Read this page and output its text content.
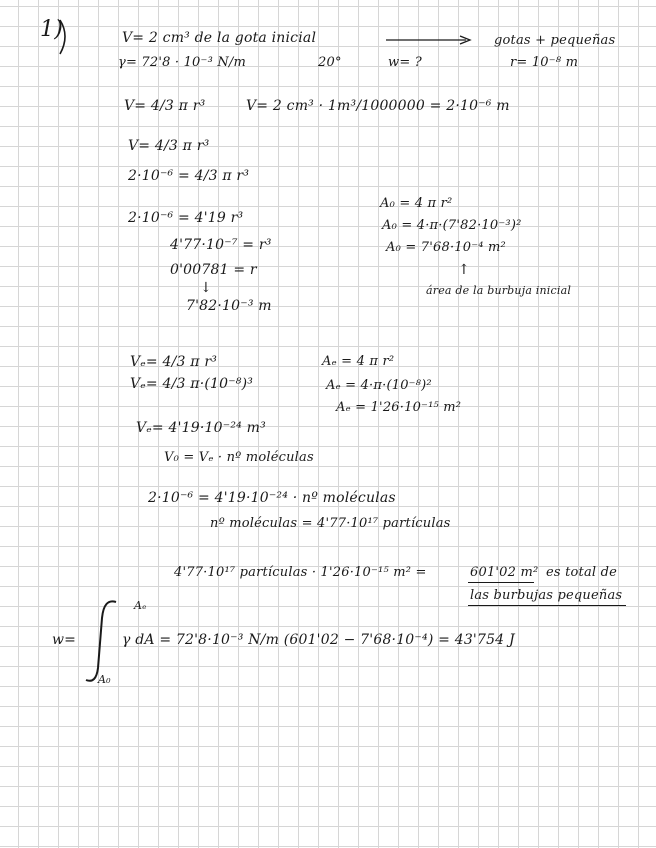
1)	V= 2 cm³ de la gota inicial	gotas + pequeñas
γ= 72'8 · 10⁻³ N/m	20°	w= ?	r= 10⁻⁸ m
V= 4/3 π r³	V= 2 cm³ · 1m³/1000000 = 2·10⁻⁶ m
V= 4/3 π r³
2·10⁻⁶ = 4/3 π r³
2·10⁻⁶ = 4'19 r³
4'77·10⁻⁷ = r³
0'00781 = r
↓
7'82·10⁻³ m
A₀ = 4 π r²
A₀ = 4·π·(7'82·10⁻³)²
A₀ = 7'68·10⁻⁴ m²
↑
área de la burbuja inicial
Vₑ= 4/3 π r³
Vₑ= 4/3 π·(10⁻⁸)³
Vₑ= 4'19·10⁻²⁴ m³
V₀ = Vₑ · nº moléculas
Aₑ = 4 π r²
Aₑ = 4·π·(10⁻⁸)²
Aₑ = 1'26·10⁻¹⁵ m²
2·10⁻⁶ = 4'19·10⁻²⁴ · nº moléculas
nº moléculas = 4'77·10¹⁷ partículas
4'77·10¹⁷ partículas · 1'26·10⁻¹⁵ m² =	601'02 m² es total de
las burbujas pequeñas
w=
Aₑ
A₀
γ dA = 72'8·10⁻³ N/m (601'02 − 7'68·10⁻⁴) = 43'754 J
